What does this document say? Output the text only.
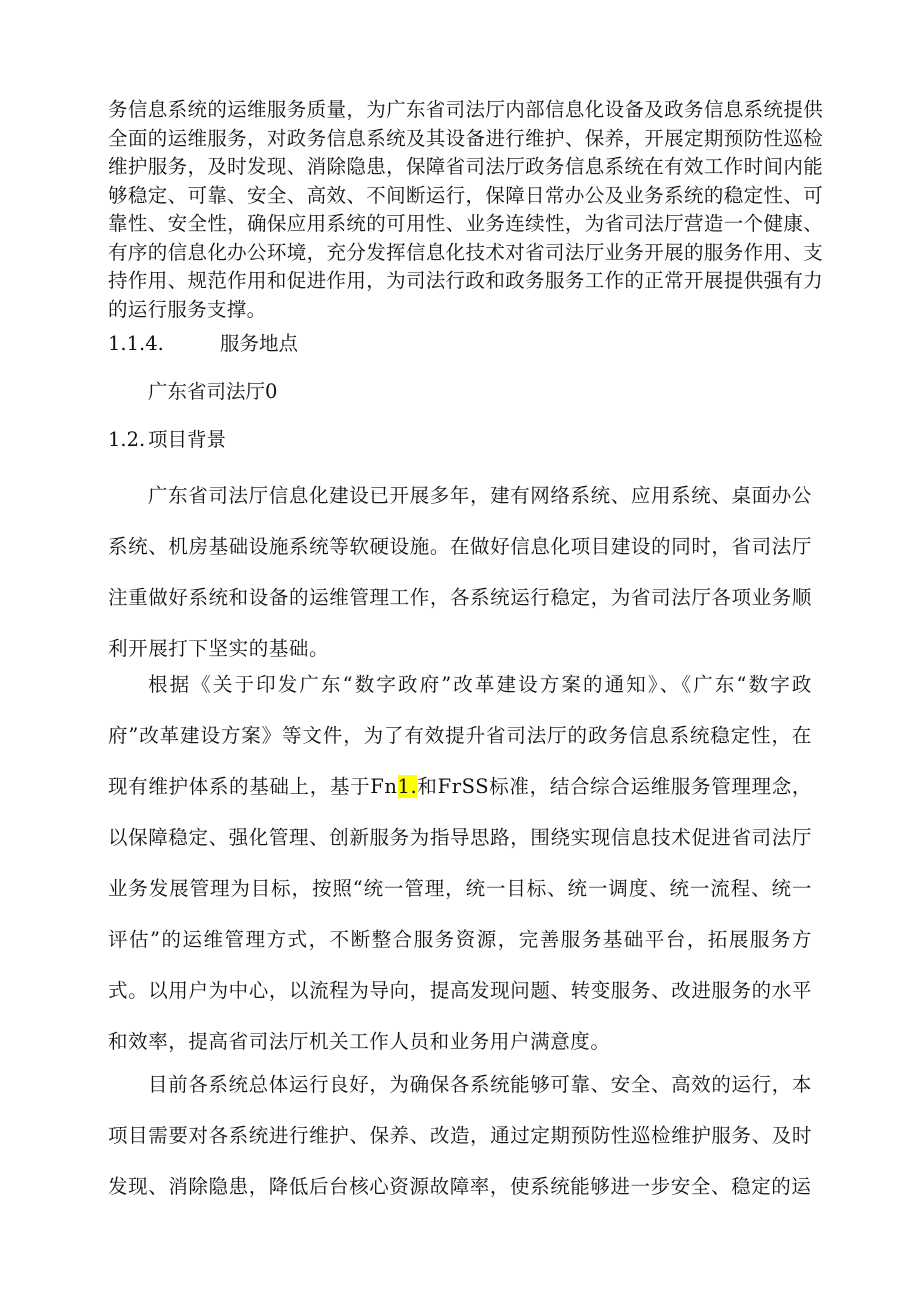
务信息系统的运维服务质量，为广东省司法厅内部信息化设备及政务信息系统提供全面的运维服务，对政务信息系统及其设备进行维护、保养，开展定期预防性巡检维护服务，及时发现、消除隐患，保障省司法厅政务信息系统在有效工作时间内能够稳定、可靠、安全、高效、不间断运行，保障日常办公及业务系统的稳定性、可靠性、安全性，确保应用系统的可用性、业务连续性，为省司法厅营造一个健康、有序的信息化办公环境，充分发挥信息化技术对省司法厅业务开展的服务作用、支持作用、规范作用和促进作用，为司法行政和政务服务工作的正常开展提供强有力的运行服务支撑。

1.1.4.	服务地点

广东省司法厅0

1.2. 项目背景

广东省司法厅信息化建设已开展多年，建有网络系统、应用系统、桌面办公系统、机房基础设施系统等软硬设施。在做好信息化项目建设的同时，省司法厅注重做好系统和设备的运维管理工作，各系统运行稳定，为省司法厅各项业务顺利开展打下坚实的基础。

根据《关于印发广东“数字政府”改革建设方案的通知》、《广东“数字政府”改革建设方案》等文件，为了有效提升省司法厅的政务信息系统稳定性，在现有维护体系的基础上，基于Fn1.和FrSS标准，结合综合运维服务管理理念，以保障稳定、强化管理、创新服务为指导思路，围绕实现信息技术促进省司法厅业务发展管理为目标，按照“统一管理，统一目标、统一调度、统一流程、统一评估”的运维管理方式，不断整合服务资源，完善服务基础平台，拓展服务方式。以用户为中心，以流程为导向，提高发现问题、转变服务、改进服务的水平和效率，提高省司法厅机关工作人员和业务用户满意度。

目前各系统总体运行良好，为确保各系统能够可靠、安全、高效的运行，本项目需要对各系统进行维护、保养、改造，通过定期预防性巡检维护服务、及时发现、消除隐患，降低后台核心资源故障率，使系统能够进一步安全、稳定的运
